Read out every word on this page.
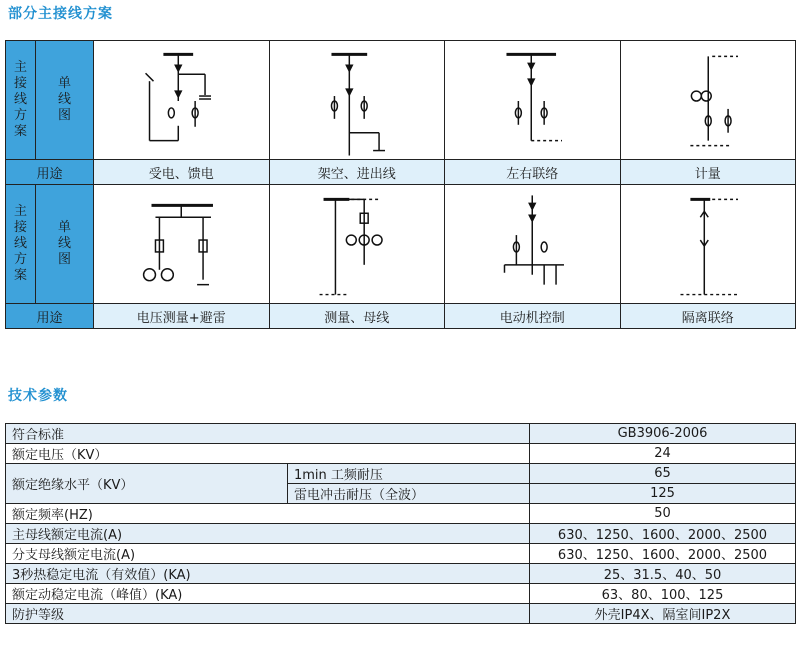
部分主接线方案
主接线方案	单线图	

用途		受电、馈电	架空、进出线	左右联络	计量
主接线方案	单线图	

用途		电压测量+避雷	测量、母线	电动机控制	隔离联络
技术参数
符合标准		GB3906-2006
额定电压（KV）		24
额定绝缘水平（KV）	1min 工频耐压	65
	雷电冲击耐压（全波）	125
额定频率(HZ)		50
主母线额定电流(A)		630、1250、1600、2000、2500
分支母线额定电流(A)		630、1250、1600、2000、2500
3秒热稳定电流（有效值）(KA)		25、31.5、40、50
额定动稳定电流（峰值）(KA)		63、80、100、125
防护等级		外壳IP4X、隔室间IP2X
